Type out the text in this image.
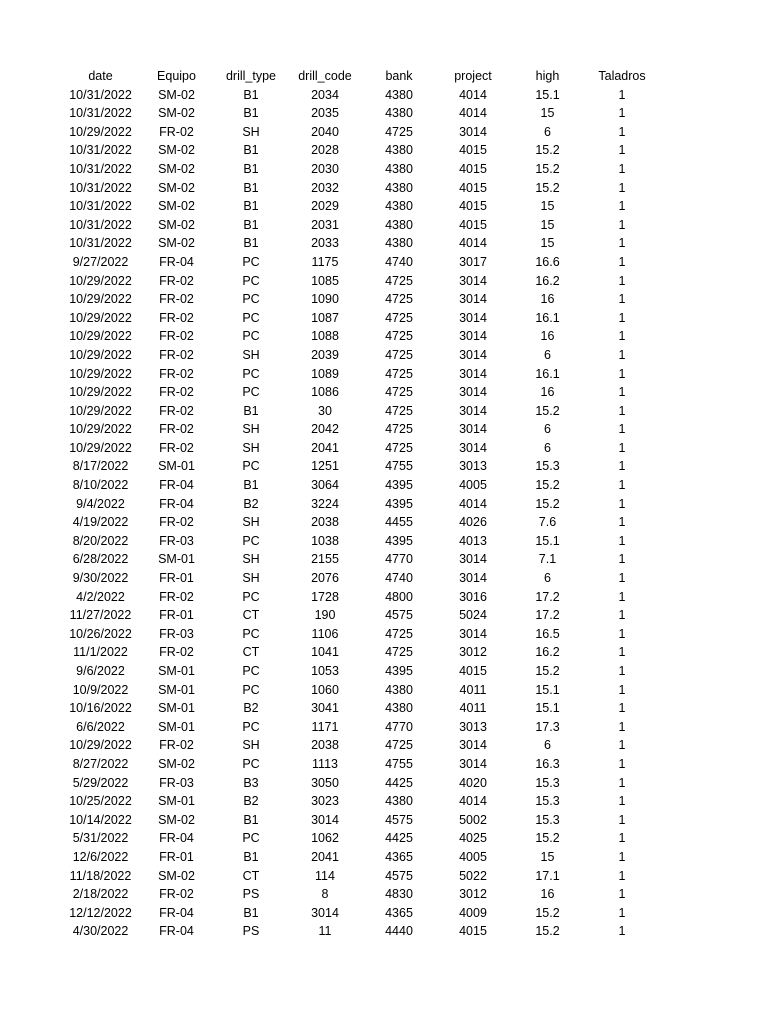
date	Equipo	drill_type	drill_code	bank	project	high	Taladros
10/31/2022	SM-02	B1	2034	4380	4014	15.1	1
10/31/2022	SM-02	B1	2035	4380	4014	15	1
10/29/2022	FR-02	SH	2040	4725	3014	6	1
10/31/2022	SM-02	B1	2028	4380	4015	15.2	1
10/31/2022	SM-02	B1	2030	4380	4015	15.2	1
10/31/2022	SM-02	B1	2032	4380	4015	15.2	1
10/31/2022	SM-02	B1	2029	4380	4015	15	1
10/31/2022	SM-02	B1	2031	4380	4015	15	1
10/31/2022	SM-02	B1	2033	4380	4014	15	1
9/27/2022	FR-04	PC	1175	4740	3017	16.6	1
10/29/2022	FR-02	PC	1085	4725	3014	16.2	1
10/29/2022	FR-02	PC	1090	4725	3014	16	1
10/29/2022	FR-02	PC	1087	4725	3014	16.1	1
10/29/2022	FR-02	PC	1088	4725	3014	16	1
10/29/2022	FR-02	SH	2039	4725	3014	6	1
10/29/2022	FR-02	PC	1089	4725	3014	16.1	1
10/29/2022	FR-02	PC	1086	4725	3014	16	1
10/29/2022	FR-02	B1	30	4725	3014	15.2	1
10/29/2022	FR-02	SH	2042	4725	3014	6	1
10/29/2022	FR-02	SH	2041	4725	3014	6	1
8/17/2022	SM-01	PC	1251	4755	3013	15.3	1
8/10/2022	FR-04	B1	3064	4395	4005	15.2	1
9/4/2022	FR-04	B2	3224	4395	4014	15.2	1
4/19/2022	FR-02	SH	2038	4455	4026	7.6	1
8/20/2022	FR-03	PC	1038	4395	4013	15.1	1
6/28/2022	SM-01	SH	2155	4770	3014	7.1	1
9/30/2022	FR-01	SH	2076	4740	3014	6	1
4/2/2022	FR-02	PC	1728	4800	3016	17.2	1
11/27/2022	FR-01	CT	190	4575	5024	17.2	1
10/26/2022	FR-03	PC	1106	4725	3014	16.5	1
11/1/2022	FR-02	CT	1041	4725	3012	16.2	1
9/6/2022	SM-01	PC	1053	4395	4015	15.2	1
10/9/2022	SM-01	PC	1060	4380	4011	15.1	1
10/16/2022	SM-01	B2	3041	4380	4011	15.1	1
6/6/2022	SM-01	PC	1171	4770	3013	17.3	1
10/29/2022	FR-02	SH	2038	4725	3014	6	1
8/27/2022	SM-02	PC	1113	4755	3014	16.3	1
5/29/2022	FR-03	B3	3050	4425	4020	15.3	1
10/25/2022	SM-01	B2	3023	4380	4014	15.3	1
10/14/2022	SM-02	B1	3014	4575	5002	15.3	1
5/31/2022	FR-04	PC	1062	4425	4025	15.2	1
12/6/2022	FR-01	B1	2041	4365	4005	15	1
11/18/2022	SM-02	CT	114	4575	5022	17.1	1
2/18/2022	FR-02	PS	8	4830	3012	16	1
12/12/2022	FR-04	B1	3014	4365	4009	15.2	1
4/30/2022	FR-04	PS	11	4440	4015	15.2	1
